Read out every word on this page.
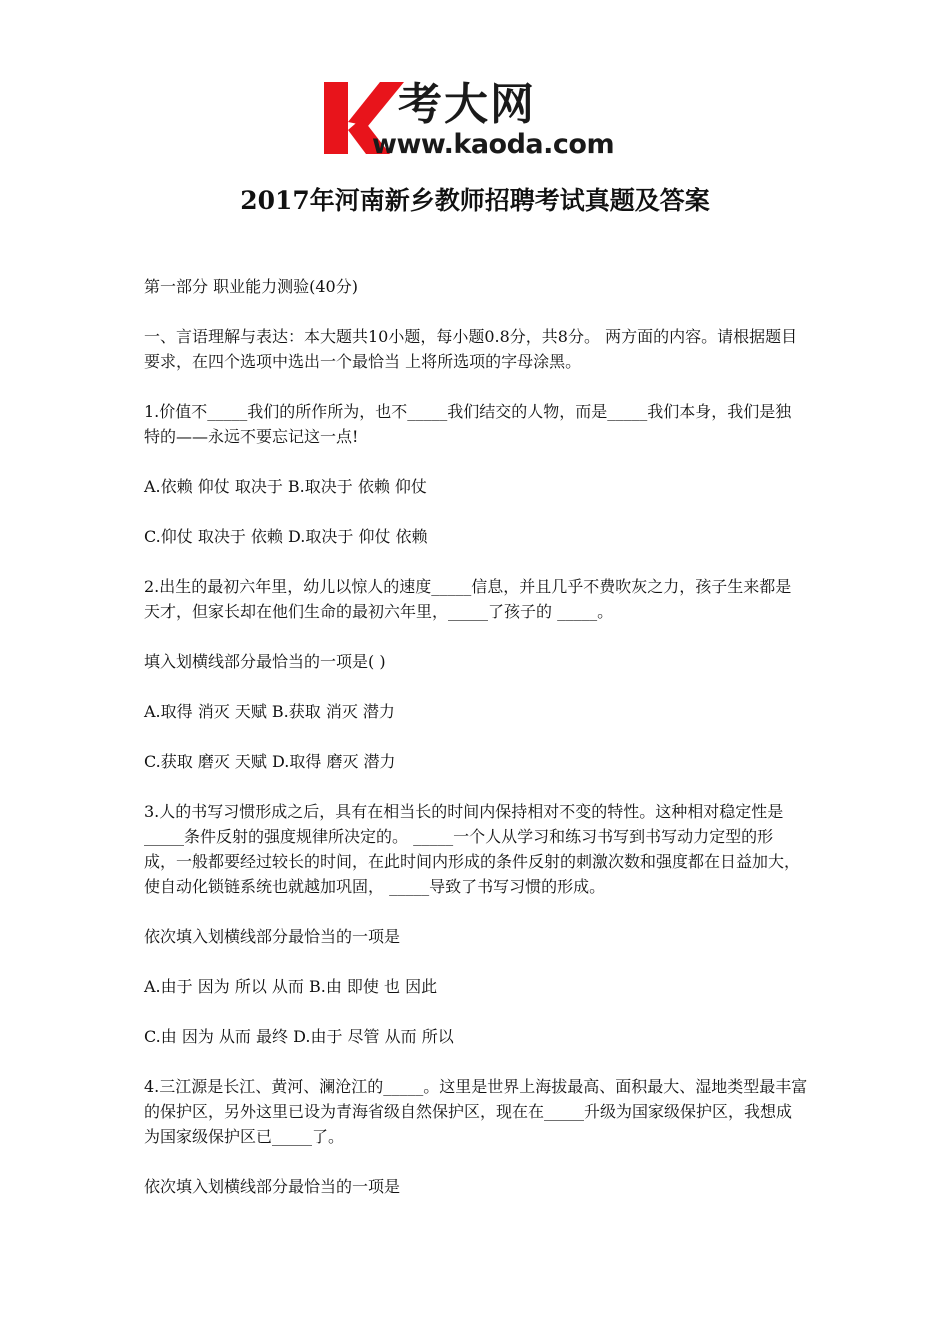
考大网
www.kaoda.com
2017年河南新乡教师招聘考试真题及答案

第一部分 职业能力测验(40分)

一、言语理解与表达：本大题共10小题，每小题0.8分，共8分。 两方面的内容。请根据题目
要求，在四个选项中选出一个最恰当 上将所选项的字母涂黑。

1.价值不_____我们的所作所为，也不_____我们结交的人物，而是_____我们本身，我们是独
特的——永远不要忘记这一点!

A.依赖 仰仗 取决于 B.取决于 依赖 仰仗

C.仰仗 取决于 依赖 D.取决于 仰仗 依赖

2.出生的最初六年里，幼儿以惊人的速度_____信息，并且几乎不费吹灰之力，孩子生来都是
天才，但家长却在他们生命的最初六年里，_____了孩子的 _____。

填入划横线部分最恰当的一项是( )

A.取得 消灭 天赋 B.获取 消灭 潜力

C.获取 磨灭 天赋 D.取得 磨灭 潜力

3.人的书写习惯形成之后，具有在相当长的时间内保持相对不变的特性。这种相对稳定性是
_____条件反射的强度规律所决定的。 _____一个人从学习和练习书写到书写动力定型的形
成，一般都要经过较长的时间，在此时间内形成的条件反射的刺激次数和强度都在日益加大，
使自动化锁链系统也就越加巩固， _____导致了书写习惯的形成。

依次填入划横线部分最恰当的一项是

A.由于 因为 所以 从而 B.由 即使 也 因此

C.由 因为 从而 最终 D.由于 尽管 从而 所以

4.三江源是长江、黄河、澜沧江的_____。这里是世界上海拔最高、面积最大、湿地类型最丰富
的保护区，另外这里已设为青海省级自然保护区，现在在_____升级为国家级保护区，我想成
为国家级保护区已_____了。

依次填入划横线部分最恰当的一项是
